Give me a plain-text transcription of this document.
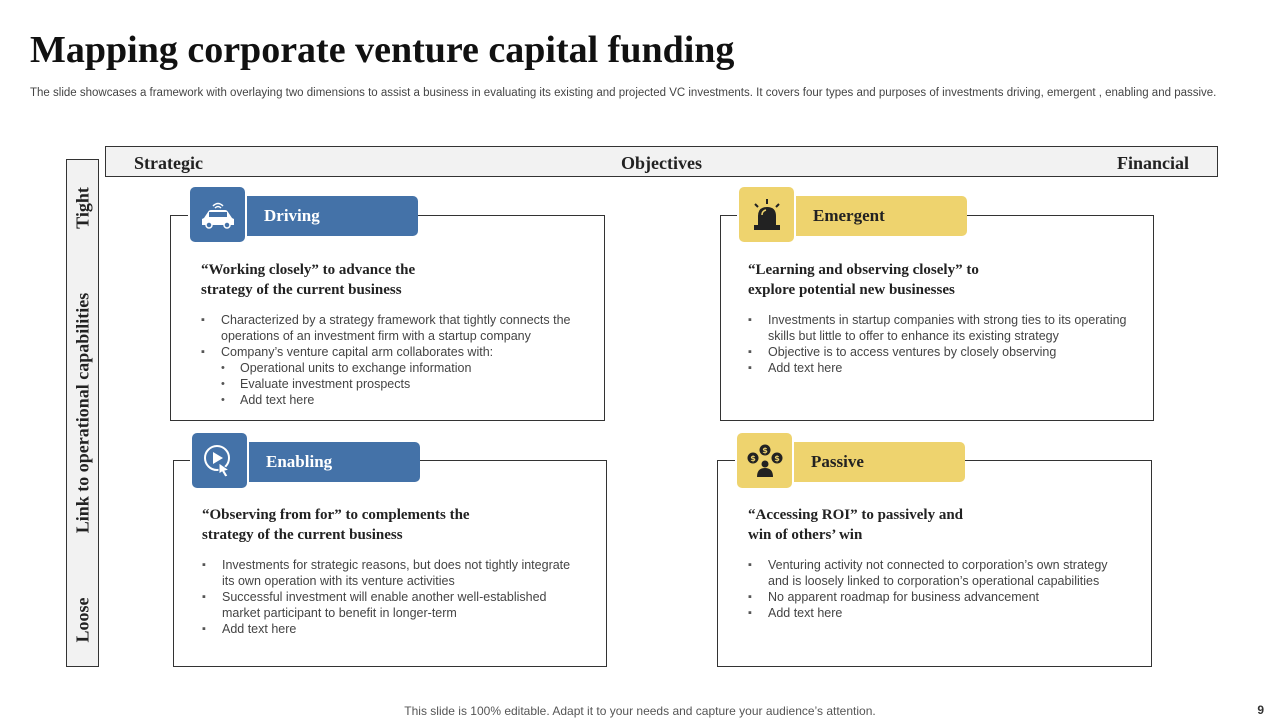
Mapping corporate venture capital funding

The slide showcases a framework with overlaying two dimensions to assist a business in evaluating its existing and projected VC investments. It covers four types and purposes of investments driving, emergent , enabling and passive.

Strategic	Objectives	Financial
Tight
Link to operational capabilities
Loose

“Working closely” to advance the
strategy of the current business

▪ Characterized by a strategy framework that tightly connects the operations of an investment firm with a startup company
▪ Company’s venture capital arm collaborates with:
• Operational units to exchange information
• Evaluate investment prospects
• Add text here
Driving

“Learning and observing closely” to
explore potential new businesses

▪ Investments in startup companies with strong ties to its operating skills but little to offer to enhance its existing strategy
▪ Objective is to access ventures by closely observing
▪ Add text here
Emergent

“Observing from for” to complements the
strategy of the current business

▪ Investments for strategic reasons, but does not tightly integrate its own operation with its venture activities
▪ Successful investment will enable another well-established market participant to benefit in longer-term
▪ Add text here
Enabling

“Accessing ROI” to passively and
win of others’ win

▪ Venturing activity not connected to corporation’s own strategy and is loosely linked to corporation’s operational capabilities
▪ No apparent roadmap for business advancement
▪ Add text here
Passive
$
$
$
This slide is 100% editable. Adapt it to your needs and capture your audience’s attention.	9
